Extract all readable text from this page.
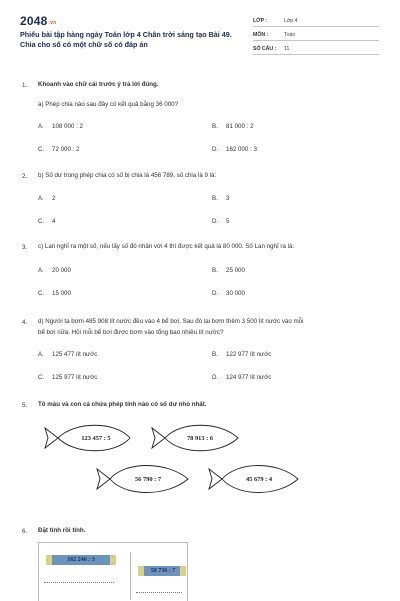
2048.vn
Phiếu bài tập hàng ngày Toán lớp 4 Chân trời sáng tạo Bài 49. Chia cho số có một chữ số có đáp án
LỚP :	Lớp 4
MÔN :	Toán
SỐ CÂU : 11
1. Khoanh vào chữ cái trước ý trả lời đúng.
a) Phép chia nào sau đây có kết quả bằng 36 000?
A. 108 000 : 2	B. 81 000 : 2
C. 72 000 : 2	D. 162 000 : 3
2. b) Số dư trong phép chia có số bị chia là 456 789, số chia là 9 là:
A. 2	B. 3
C. 4	D. 5
3. c) Lan nghĩ ra một số, nếu lấy số đó nhân với 4 thì được kết quả là 80 000. Số Lan nghĩ ra là:
A. 20 000	B. 25 000
C. 15 000	D. 30 000
4. d) Người ta bơm 485 908 lít nước đều vào 4 bể bơi. Sau đó lại bơm thêm 3 500 lít nước vào mỗi
bể bơi nữa. Hỏi mỗi bể bơi được bơm vào tổng bao nhiêu lít nước?
A. 125 477 lít nước	B. 122 977 lít nước
C. 125 977 lít nước	D. 124 977 lít nước
5. Tô màu và con cá chứa phép tính nào có số dư nhỏ nhất.
123 457 : 5	78 913 : 6
56 790 : 7	45 679 : 4
6. Đặt tính rồi tính.
162 246 : 3
58 736 : 7
